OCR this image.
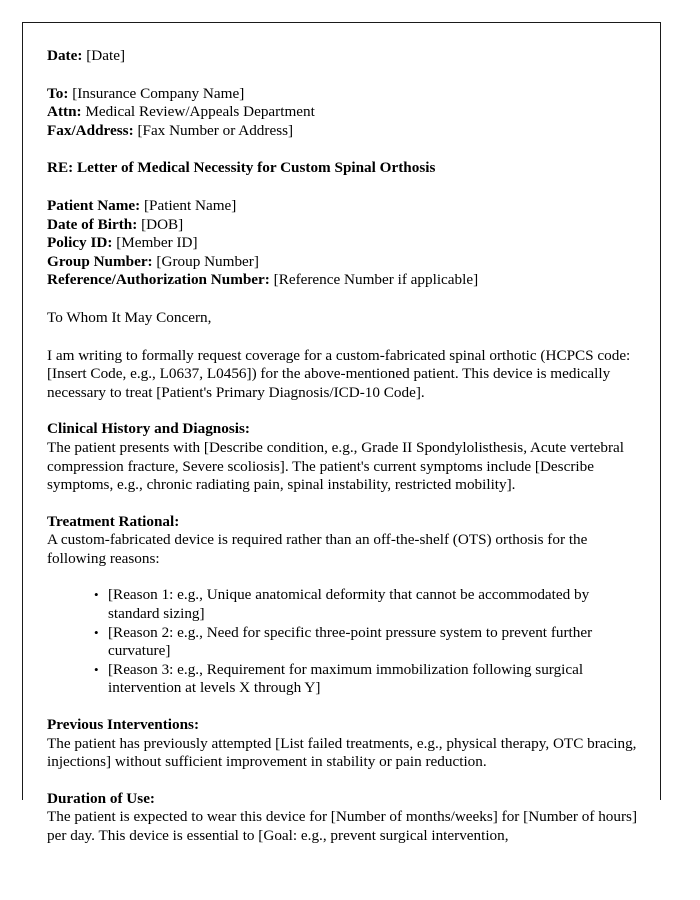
Date: [Date]
To: [Insurance Company Name]
Attn: Medical Review/Appeals Department
Fax/Address: [Fax Number or Address]
RE: Letter of Medical Necessity for Custom Spinal Orthosis
Patient Name: [Patient Name]
Date of Birth: [DOB]
Policy ID: [Member ID]
Group Number: [Group Number]
Reference/Authorization Number: [Reference Number if applicable]
To Whom It May Concern,
I am writing to formally request coverage for a custom-fabricated spinal orthotic (HCPCS code: [Insert Code, e.g., L0637, L0456]) for the above-mentioned patient. This device is medically necessary to treat [Patient's Primary Diagnosis/ICD-10 Code].
Clinical History and Diagnosis:
The patient presents with [Describe condition, e.g., Grade II Spondylolisthesis, Acute vertebral compression fracture, Severe scoliosis]. The patient's current symptoms include [Describe symptoms, e.g., chronic radiating pain, spinal instability, restricted mobility].
Treatment Rational:
A custom-fabricated device is required rather than an off-the-shelf (OTS) orthosis for the following reasons:
• [Reason 1: e.g., Unique anatomical deformity that cannot be accommodated by standard sizing]
• [Reason 2: e.g., Need for specific three-point pressure system to prevent further curvature]
• [Reason 3: e.g., Requirement for maximum immobilization following surgical intervention at levels X through Y]
Previous Interventions:
The patient has previously attempted [List failed treatments, e.g., physical therapy, OTC bracing, injections] without sufficient improvement in stability or pain reduction.
Duration of Use:
The patient is expected to wear this device for [Number of months/weeks] for [Number of hours] per day. This device is essential to [Goal: e.g., prevent surgical intervention,
